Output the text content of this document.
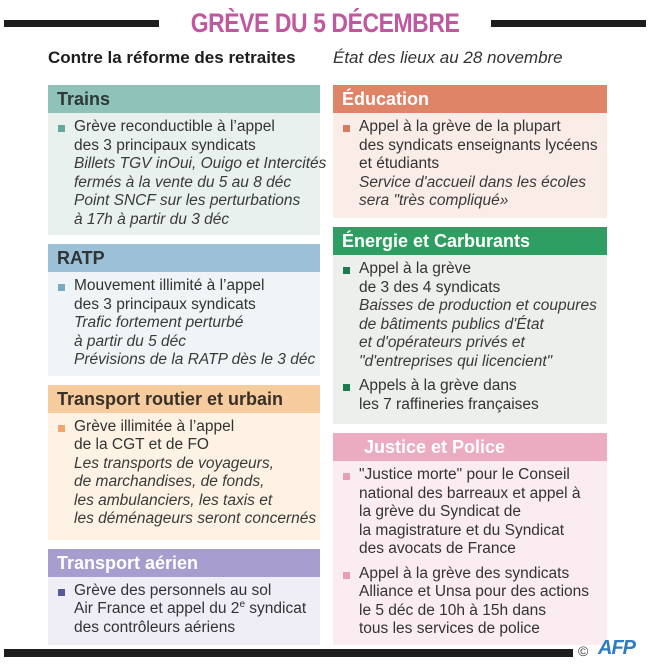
GRÈVE DU 5 DÉCEMBRE
Contre la réforme des retraites État des lieux au 28 novembre
Trains
Grève reconductible à l’appel
des 3 principaux syndicats
Billets TGV inOui, Ouigo et Intercités
fermés à la vente du 5 au 8 déc
Point SNCF sur les perturbations
à 17h à partir du 3 déc
RATP
Mouvement illimité à l’appel
des 3 principaux syndicats
Trafic fortement perturbé
à partir du 5 déc
Prévisions de la RATP dès le 3 déc
Transport routier et urbain
Grève illimitée à l’appel
de la CGT et de FO
Les transports de voyageurs,
de marchandises, de fonds,
les ambulanciers, les taxis et
les déménageurs seront concernés
Transport aérien
Grève des personnels au sol
Air France et appel du 2e syndicat
des contrôleurs aériens
Éducation
Appel à la grève de la plupart
des syndicats enseignants lycéens
et étudiants
Service d'accueil dans les écoles
sera "très compliqué»
Énergie et Carburants
Appel à la grève
de 3 des 4 syndicats
Baisses de production et coupures
de bâtiments publics d'État
et d'opérateurs privés et
"d'entreprises qui licencient"
Appels à la grève dans
les 7 raffineries françaises
Justice et Police
"Justice morte" pour le Conseil
national des barreaux et appel à
la grève du Syndicat de
la magistrature et du Syndicat
des avocats de France
Appel à la grève des syndicats
Alliance et Unsa pour des actions
le 5 déc de 10h à 15h dans
tous les services de police
© AFP
